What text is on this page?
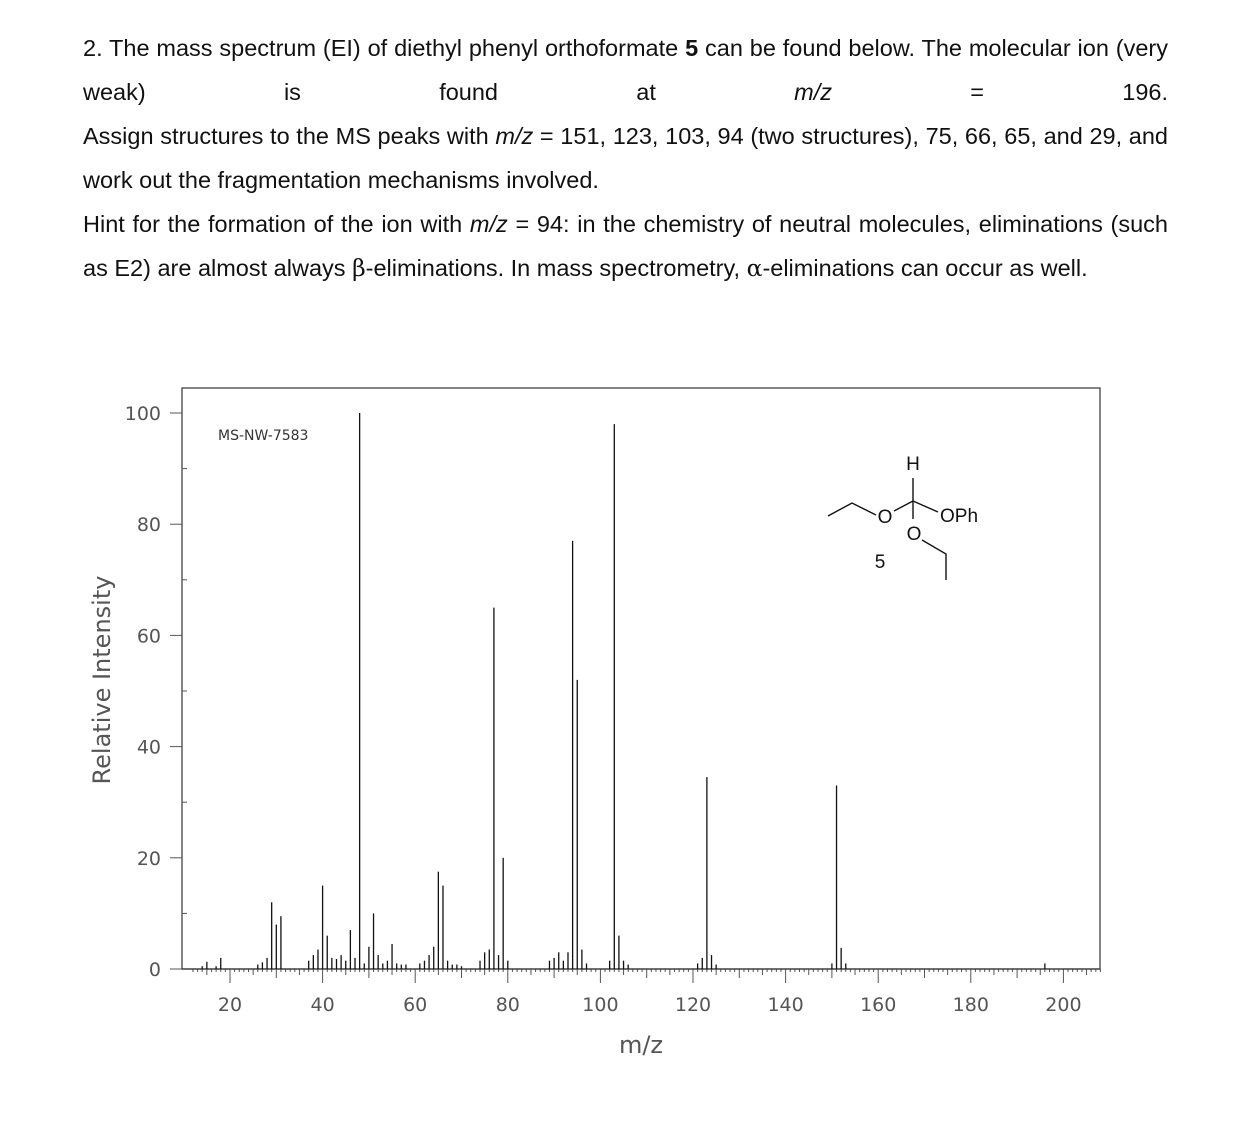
2. The mass spectrum (EI) of diethyl phenyl orthoformate 5 can be found below. The molecular ion (very weak) is found at	m/z	= 196.

Assign structures to the MS peaks with m/z = 151, 123, 103, 94 (two structures), 75, 66, 65, and 29, and work out the fragmentation mechanisms involved.

Hint for the formation of the ion with m/z = 94: in the chemistry of neutral molecules, eliminations (such as E2) are almost always β-eliminations. In mass spectrometry, α-eliminations can occur as well.

20	40	60	80	100	120	140	160	180	200
0
20
40
60
80
100
MS-NW-7583
m/z
Relative Intensity
H
O
O
OPh
5
